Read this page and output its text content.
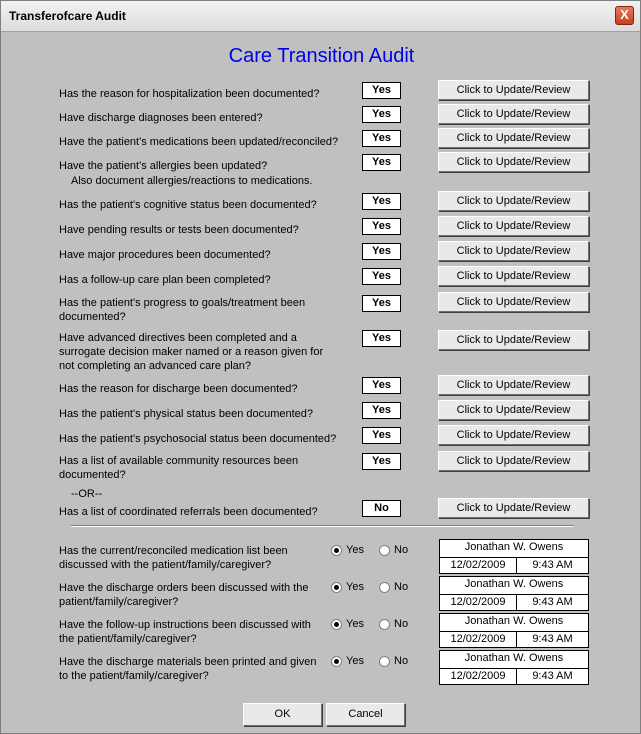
Transferofcare Audit	X
Care Transition Audit
Has the reason for hospitalization been documented?	Yes	Click to Update/Review
Have discharge diagnoses been entered?	Yes	Click to Update/Review
Have the patient's medications been updated/reconciled?	Yes	Click to Update/Review
Have the patient's allergies been updated?	Yes	Click to Update/Review
Also document allergies/reactions to medications.
Has the patient's cognitive status been documented?	Yes	Click to Update/Review
Have pending results or tests been documented?	Yes	Click to Update/Review
Have major procedures been documented?	Yes	Click to Update/Review
Has a follow-up care plan been completed?	Yes	Click to Update/Review
Has the patient's progress to goals/treatment been documented?
Yes	Click to Update/Review
Have advanced directives been completed and a surrogate decision maker named or a reason given for not completing an advanced care plan?
Yes	Click to Update/Review
Has the reason for discharge been documented?	Yes	Click to Update/Review
Has the patient's physical status been documented?	Yes	Click to Update/Review
Has the patient's psychosocial status been documented?	Yes	Click to Update/Review
Has a list of available community resources been documented?
Yes	Click to Update/Review
--OR--
Has a list of coordinated referrals been documented?	No	Click to Update/Review
Has the current/reconciled medication list been discussed with the patient/family/caregiver?
Yes	No	Jonathan W. Owens
12/02/2009	9:43 AM
Have the discharge orders been discussed with the patient/family/caregiver?
Yes	No	Jonathan W. Owens
12/02/2009	9:43 AM
Have the follow-up instructions been discussed with the patient/family/caregiver?
Yes	No	Jonathan W. Owens
12/02/2009	9:43 AM
Have the discharge materials been printed and given to the patient/family/caregiver?
Yes	No	Jonathan W. Owens
12/02/2009	9:43 AM
OK	Cancel
